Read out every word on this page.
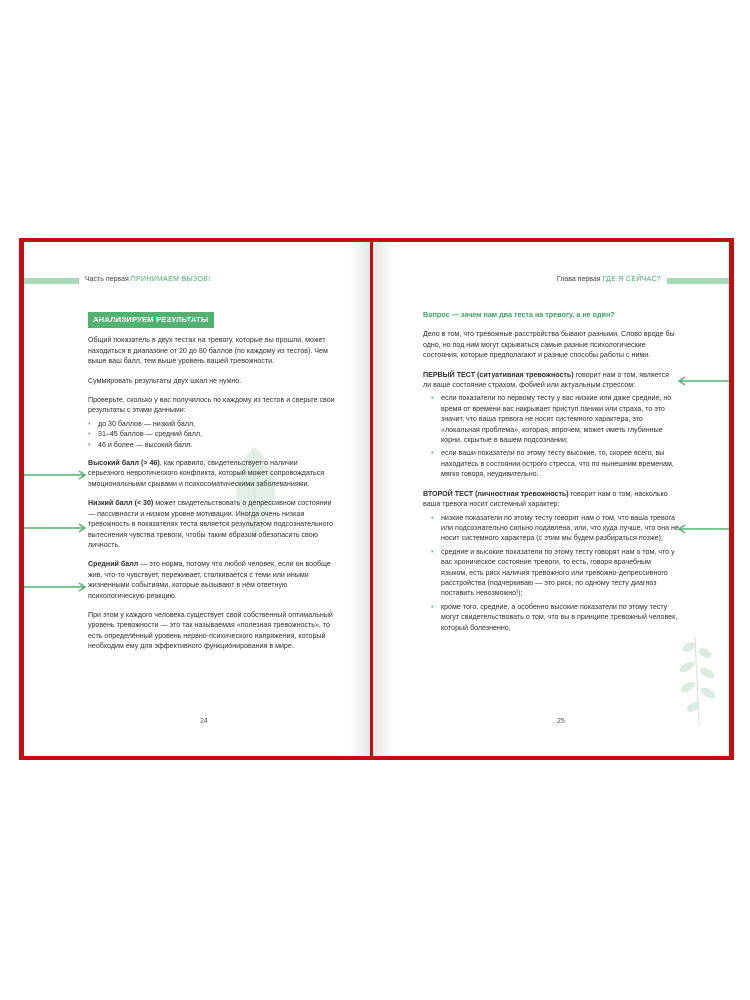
Часть первая ПРИНИМАЕМ ВЫЗОВ!
АНАЛИЗИРУЕМ РЕЗУЛЬТАТЫ

Общий показатель в двух тестах на тревогу, которые вы прошли, может находиться в диапазоне от 20 до 80 баллов (по каждому из тестов). Чем выше ваш балл, тем выше уровень вашей тревожности.

Суммировать результаты двух шкал не нужно.

Проверьте, сколько у вас получилось по каждому из тестов и сверьте свои результаты с этими данными:

• до 30 баллов — низкий балл,
• 31–45 баллов — средний балл,
• 46 и более — высокий балл.

Высокий балл (> 46), как правило, свидетельствует о наличии серьезного невротического конфликта, который может сопровождаться эмоциональными срывами и психосоматическими заболеваниями.

Низкий балл (< 30) может свидетельствовать о депрессивном состоянии — пассивности и низком уровне мотивации. Иногда очень низкая тревожность в показателях теста является результатом подсознательного вытеснения чувства тревоги, чтобы таким образом обезопасить свою личность.

Средний балл — это норма, потому что любой человек, если он вообще жив, что-то чувствует, переживает, сталкивается с теми или иными жизненными событиями, которые вызывают в нём ответную психологическую реакцию.

При этом у каждого человека существует свой собственный оптимальный уровень тревожности — это так называемая «полезная тревожность», то есть определённый уровень нервно-психического напряжения, который необходим ему для эффективного функционирования в мире.

24
Глава первая ГДЕ Я СЕЙЧАС?
Вопрос — зачем нам два теста на тревогу, а не один?

Дело в том, что тревожные расстройства бывают разными. Слово вроде бы одно, но под ним могут скрываться самые разные психологические состояния, которые предполагают и разные способы работы с ними.

ПЕРВЫЙ ТЕСТ (ситуативная тревожность) говорит нам о том, является ли ваше состояние страхом, фобией или актуальным стрессом:

• если показатели по первому тесту у вас низкие или даже средние, но время от времени вас накрывает приступ паники или страха, то это значит, что ваша тревога не носит системного характера, это «локальная проблема», которая, впрочем, может иметь глубинные корни, скрытые в вашем подсознании;
• если ваши показатели по этому тесту высокие, то, скорее всего, вы находитесь в состоянии острого стресса, что по нынешним временам, мягко говоря, неудивительно.

ВТОРОЙ ТЕСТ (личностная тревожность) говорит нам о том, насколько ваша тревога носит системный характер:

• низкие показатели по этому тесту говорят нам о том, что ваша тревога или подсознательно сильно подавлена, или, что куда лучше, что она не носит системного характера (с этим мы будем разбираться позже);
• средние и высокие показатели по этому тесту говорят нам о том, что у вас хроническое состояние тревоги, то есть, говоря врачебным языком, есть риск наличия тревожного или тревожно-депрессивного расстройства (подчеркиваю — это риск, по одному тесту диагноз поставить невозможно!);
• кроме того, средние, а особенно высокие показатели по этому тесту могут свидетельствовать о том, что вы в принципе тревожный человек, который болезненно,
25
